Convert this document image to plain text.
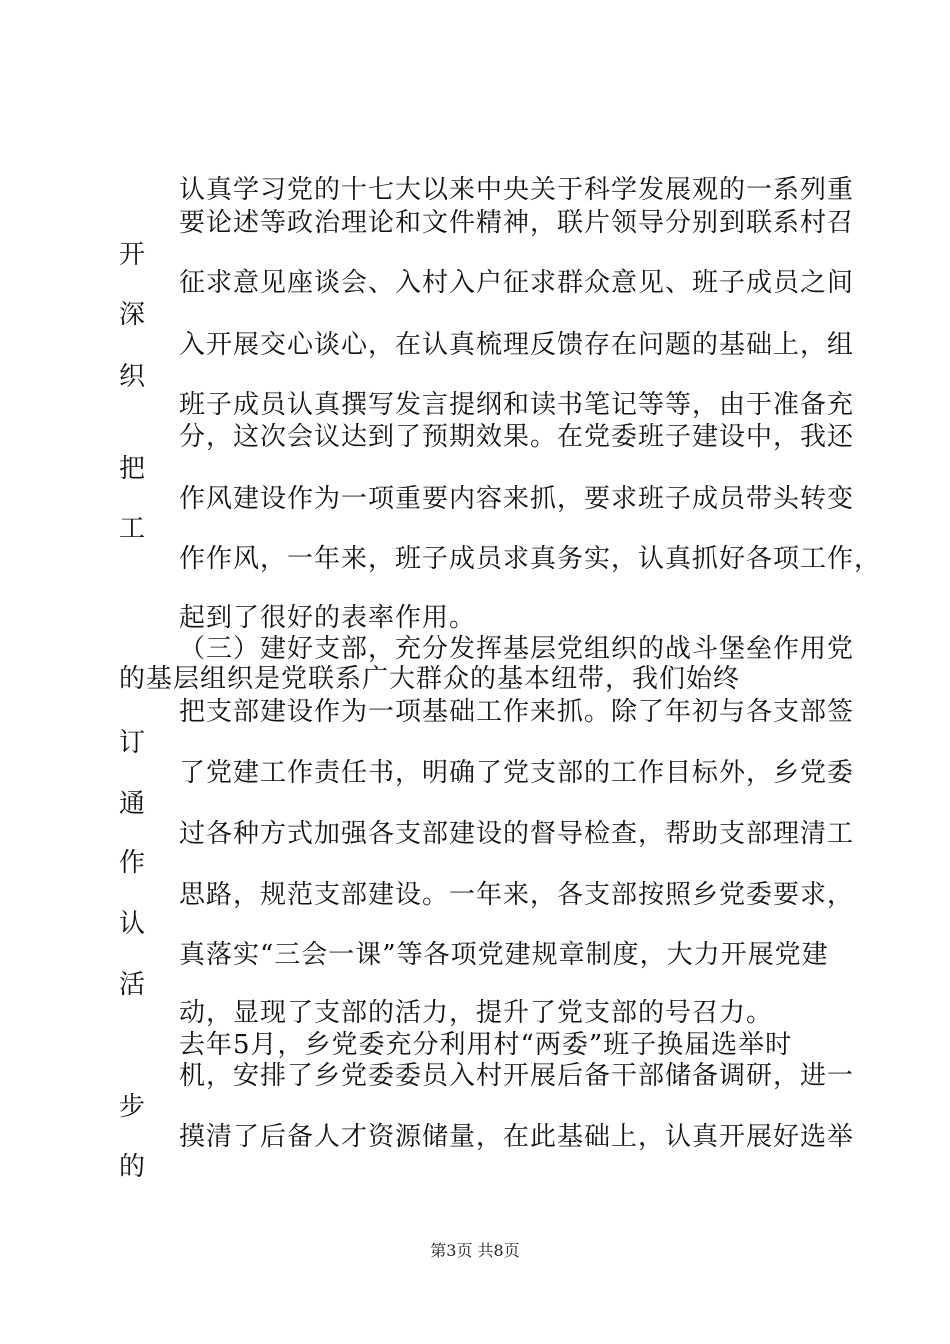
认真学习党的十七大以来中央关于科学发展观的一系列重
要论述等政治理论和文件精神，联片领导分别到联系村召
开
征求意见座谈会、入村入户征求群众意见、班子成员之间
深
入开展交心谈心，在认真梳理反馈存在问题的基础上，组
织
班子成员认真撰写发言提纲和读书笔记等等，由于准备充
分，这次会议达到了预期效果。在党委班子建设中，我还
把
作风建设作为一项重要内容来抓，要求班子成员带头转变
工
作作风，一年来，班子成员求真务实，认真抓好各项工作，
起到了很好的表率作用。
（三）建好支部，充分发挥基层党组织的战斗堡垒作用党
的基层组织是党联系广大群众的基本纽带，我们始终
把支部建设作为一项基础工作来抓。除了年初与各支部签
订
了党建工作责任书，明确了党支部的工作目标外，乡党委
通
过各种方式加强各支部建设的督导检查，帮助支部理清工
作
思路，规范支部建设。一年来，各支部按照乡党委要求，
认
真落实“三会一课”等各项党建规章制度，大力开展党建
活
动，显现了支部的活力，提升了党支部的号召力。
去年5月，乡党委充分利用村“两委”班子换届选举时
机，安排了乡党委委员入村开展后备干部储备调研，进一
步
摸清了后备人才资源储量，在此基础上，认真开展好选举
的
第3页 共8页
